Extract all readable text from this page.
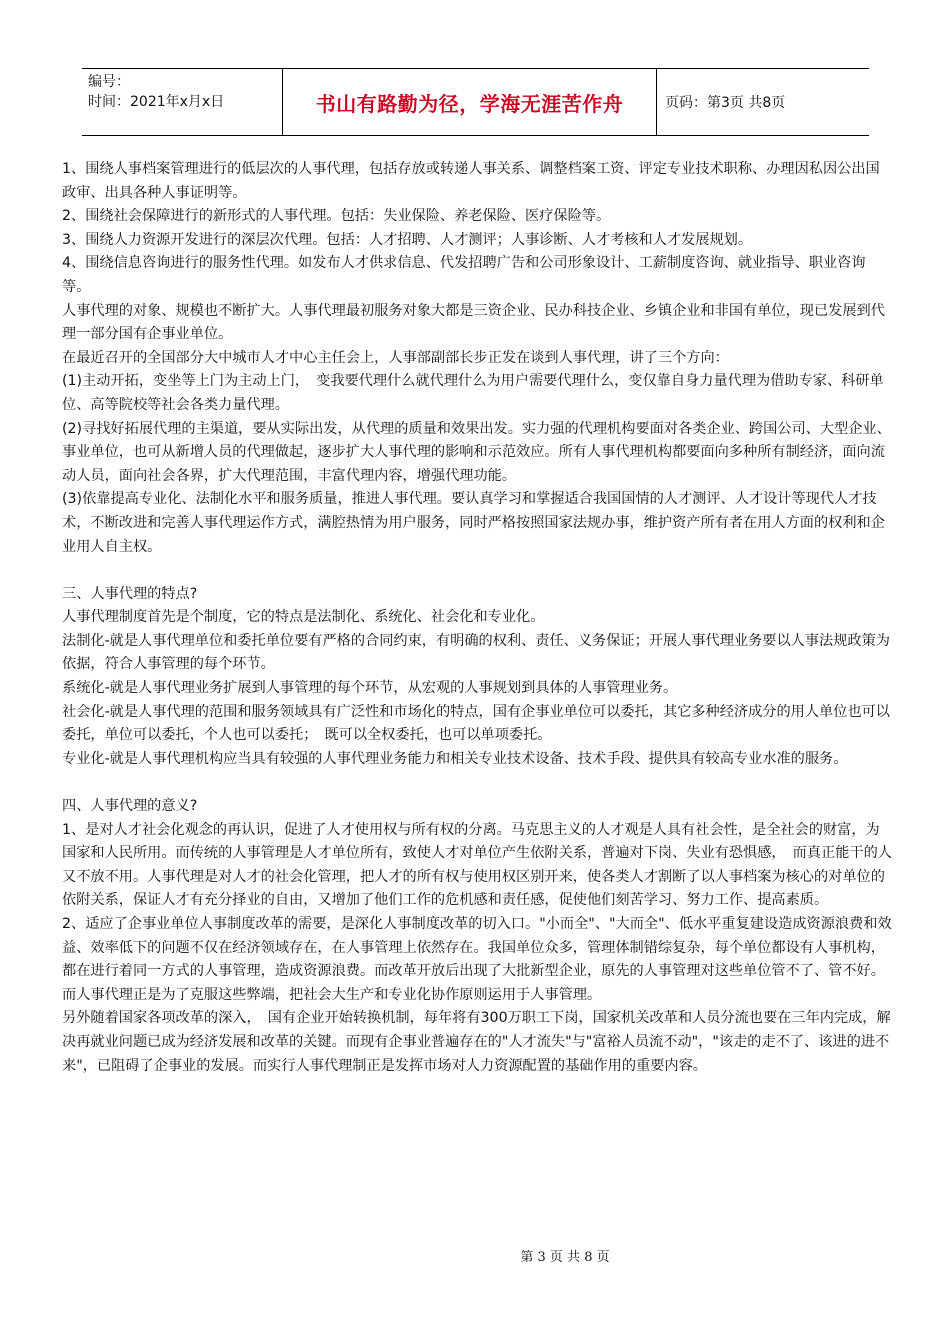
编号：
时间：2021年x月x日	书山有路勤为径，学海无涯苦作舟	页码：第3页 共8页

1、围绕人事档案管理进行的低层次的人事代理，包括存放或转递人事关系、调整档案工资、评定专业技术职称、办理因私因公出国政审、出具各种人事证明等。

2、围绕社会保障进行的新形式的人事代理。包括：失业保险、养老保险、医疗保险等。

3、围绕人力资源开发进行的深层次代理。包括：人才招聘、人才测评；人事诊断、人才考核和人才发展规划。

4、围绕信息咨询进行的服务性代理。如发布人才供求信息、代发招聘广告和公司形象设计、工薪制度咨询、就业指导、职业咨询等。

人事代理的对象、规模也不断扩大。人事代理最初服务对象大都是三资企业、民办科技企业、乡镇企业和非国有单位，现已发展到代理一部分国有企事业单位。

在最近召开的全国部分大中城市人才中心主任会上，人事部副部长步正发在谈到人事代理，讲了三个方向：

(1)主动开拓，变坐等上门为主动上门，　变我要代理什么就代理什么为用户需要代理什么，变仅靠自身力量代理为借助专家、科研单位、高等院校等社会各类力量代理。

(2)寻找好拓展代理的主渠道，要从实际出发，从代理的质量和效果出发。实力强的代理机构要面对各类企业、跨国公司、大型企业、事业单位，也可从新增人员的代理做起，逐步扩大人事代理的影响和示范效应。所有人事代理机构都要面向多种所有制经济，面向流动人员，面向社会各界，扩大代理范围，丰富代理内容，增强代理功能。

(3)依靠提高专业化、法制化水平和服务质量，推进人事代理。要认真学习和掌握适合我国国情的人才测评、人才设计等现代人才技术，不断改进和完善人事代理运作方式，满腔热情为用户服务，同时严格按照国家法规办事，维护资产所有者在用人方面的权利和企业用人自主权。

三、人事代理的特点?

人事代理制度首先是个制度，它的特点是法制化、系统化、社会化和专业化。

法制化-就是人事代理单位和委托单位要有严格的合同约束，有明确的权利、责任、义务保证；开展人事代理业务要以人事法规政策为依据，符合人事管理的每个环节。

系统化-就是人事代理业务扩展到人事管理的每个环节，从宏观的人事规划到具体的人事管理业务。

社会化-就是人事代理的范围和服务领域具有广泛性和市场化的特点，国有企事业单位可以委托，其它多种经济成分的用人单位也可以委托，单位可以委托，个人也可以委托；　既可以全权委托，也可以单项委托。

专业化-就是人事代理机构应当具有较强的人事代理业务能力和相关专业技术设备、技术手段、提供具有较高专业水准的服务。

四、人事代理的意义?

1、是对人才社会化观念的再认识，促进了人才使用权与所有权的分离。马克思主义的人才观是人具有社会性，是全社会的财富，为国家和人民所用。而传统的人事管理是人才单位所有，致使人才对单位产生依附关系，普遍对下岗、失业有恐惧感，　而真正能干的人又不放不用。人事代理是对人才的社会化管理，把人才的所有权与使用权区别开来，使各类人才割断了以人事档案为核心的对单位的依附关系，保证人才有充分择业的自由，又增加了他们工作的危机感和责任感，促使他们刻苦学习、努力工作、提高素质。

2、适应了企事业单位人事制度改革的需要，是深化人事制度改革的切入口。"小而全"、"大而全"、低水平重复建设造成资源浪费和效益、效率低下的问题不仅在经济领域存在，在人事管理上依然存在。我国单位众多，管理体制错综复杂，每个单位都设有人事机构，都在进行着同一方式的人事管理，造成资源浪费。而改革开放后出现了大批新型企业，原先的人事管理对这些单位管不了、管不好。而人事代理正是为了克服这些弊端，把社会大生产和专业化协作原则运用于人事管理。

另外随着国家各项改革的深入，　国有企业开始转换机制，每年将有300万职工下岗，国家机关改革和人员分流也要在三年内完成，解决再就业问题已成为经济发展和改革的关键。而现有企事业普遍存在的"人才流失"与"富裕人员流不动"，"该走的走不了、该进的进不来"，已阻碍了企事业的发展。而实行人事代理制正是发挥市场对人力资源配置的基础作用的重要内容。

第 3 页 共 8 页
